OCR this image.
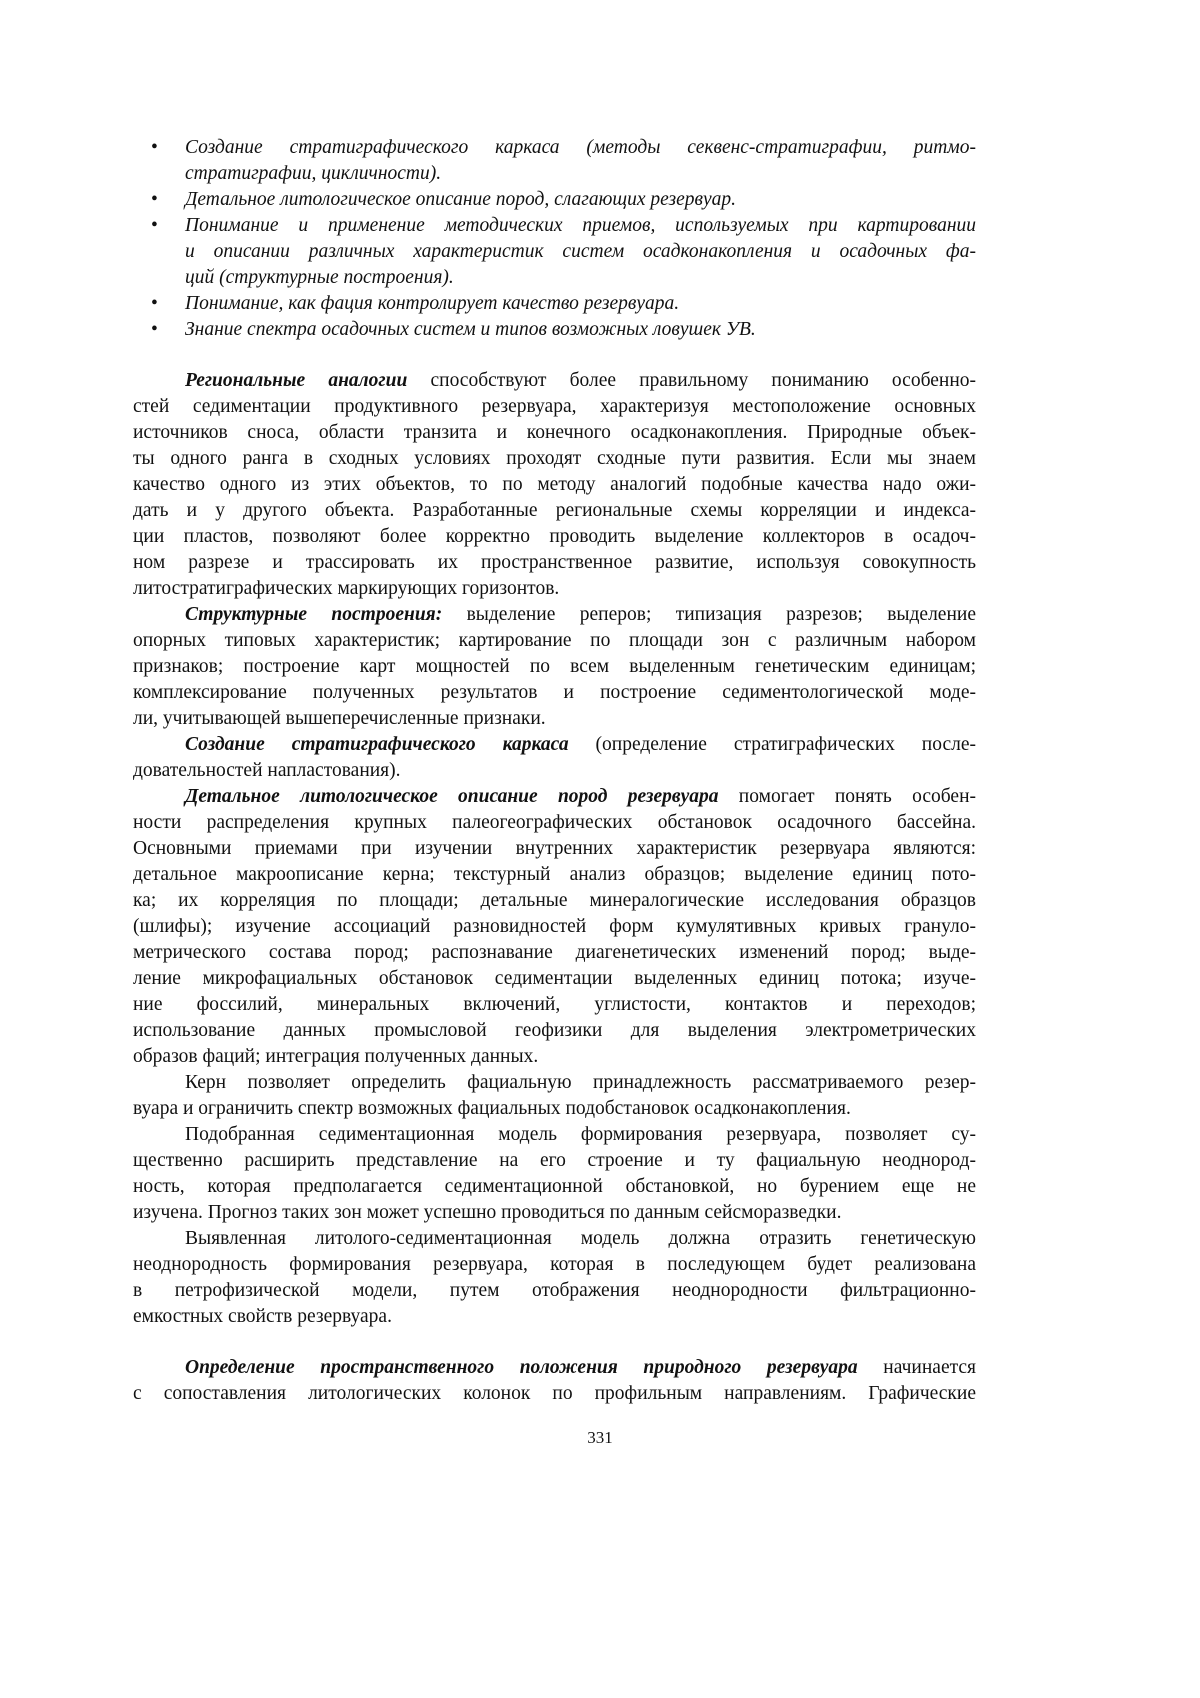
• Создание стратиграфического каркаса (методы секвенс-стратиграфии, ритмо-
стратиграфии, цикличности).
• Детальное литологическое описание пород, слагающих резервуар.
• Понимание и применение методических приемов, используемых при картировании
и описании различных характеристик систем осадконакопления и осадочных фа-
ций (структурные построения).
• Понимание, как фация контролирует качество резервуара.
• Знание спектра осадочных систем и типов возможных ловушек УВ.
Региональные аналогии способствуют более правильному пониманию особенно-
стей седиментации продуктивного резервуара, характеризуя местоположение основных
источников сноса, области транзита и конечного осадконакопления. Природные объек-
ты одного ранга в сходных условиях проходят сходные пути развития. Если мы знаем
качество одного из этих объектов, то по методу аналогий подобные качества надо ожи-
дать и у другого объекта. Разработанные региональные схемы корреляции и индекса-
ции пластов, позволяют более корректно проводить выделение коллекторов в осадоч-
ном разрезе и трассировать их пространственное развитие, используя совокупность
литостратиграфических маркирующих горизонтов.
Структурные построения: выделение реперов; типизация разрезов; выделение
опорных типовых характеристик; картирование по площади зон с различным набором
признаков; построение карт мощностей по всем выделенным генетическим единицам;
комплексирование полученных результатов и построение седиментологической моде-
ли, учитывающей вышеперечисленные признаки.
Создание стратиграфического каркаса (определение стратиграфических после-
довательностей напластования).
Детальное литологическое описание пород резервуара помогает понять особен-
ности распределения крупных палеогеографических обстановок осадочного бассейна.
Основными приемами при изучении внутренних характеристик резервуара являются:
детальное макроописание керна; текстурный анализ образцов; выделение единиц пото-
ка; их корреляция по площади; детальные минералогические исследования образцов
(шлифы); изучение ассоциаций разновидностей форм кумулятивных кривых грануло-
метрического состава пород; распознавание диагенетических изменений пород; выде-
ление микрофациальных обстановок седиментации выделенных единиц потока; изуче-
ние фоссилий, минеральных включений, углистости, контактов и переходов;
использование данных промысловой геофизики для выделения электрометрических
образов фаций; интеграция полученных данных.
Керн позволяет определить фациальную принадлежность рассматриваемого резер-
вуара и ограничить спектр возможных фациальных подобстановок осадконакопления.
Подобранная седиментационная модель формирования резервуара, позволяет су-
щественно расширить представление на его строение и ту фациальную неоднород-
ность, которая предполагается седиментационной обстановкой, но бурением еще не
изучена. Прогноз таких зон может успешно проводиться по данным сейсморазведки.
Выявленная литолого-седиментационная модель должна отразить генетическую
неоднородность формирования резервуара, которая в последующем будет реализована
в петрофизической модели, путем отображения неоднородности фильтрационно-
емкостных свойств резервуара.
Определение пространственного положения природного резервуара начинается
с сопоставления литологических колонок по профильным направлениям. Графические
331
